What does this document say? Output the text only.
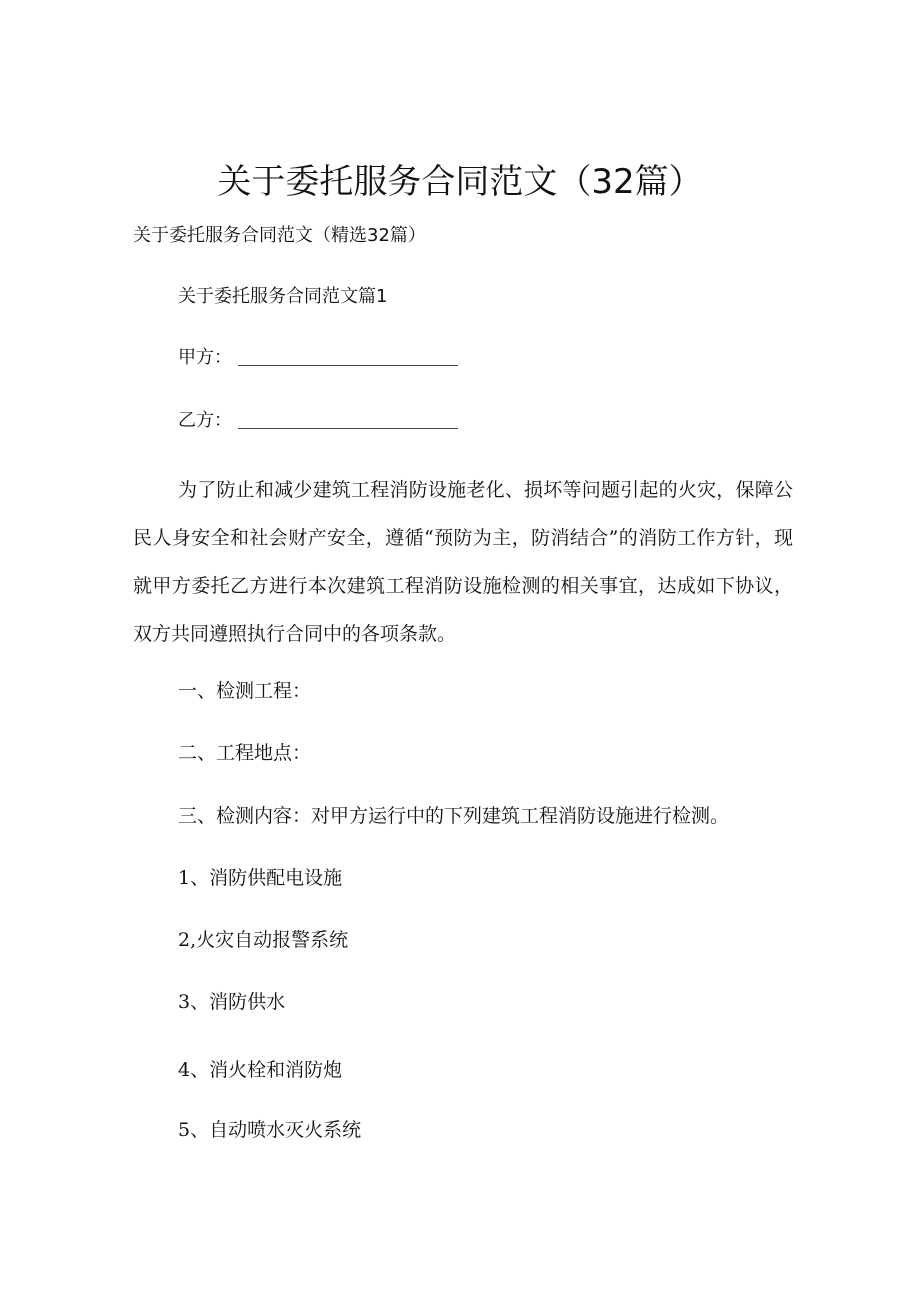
关于委托服务合同范文（32篇）
关于委托服务合同范文（精选32篇）
关于委托服务合同范文篇1
甲方：
乙方：
为了防止和减少建筑工程消防设施老化、损坏等问题引起的火灾，保障公民人身安全和社会财产安全，遵循“预防为主，防消结合”的消防工作方针，现就甲方委托乙方进行本次建筑工程消防设施检测的相关事宜，达成如下协议，双方共同遵照执行合同中的各项条款。
一、检测工程：
二、工程地点：
三、检测内容：对甲方运行中的下列建筑工程消防设施进行检测。
1、消防供配电设施
2,火灾自动报警系统
3、消防供水
4、消火栓和消防炮
5、自动喷水灭火系统
